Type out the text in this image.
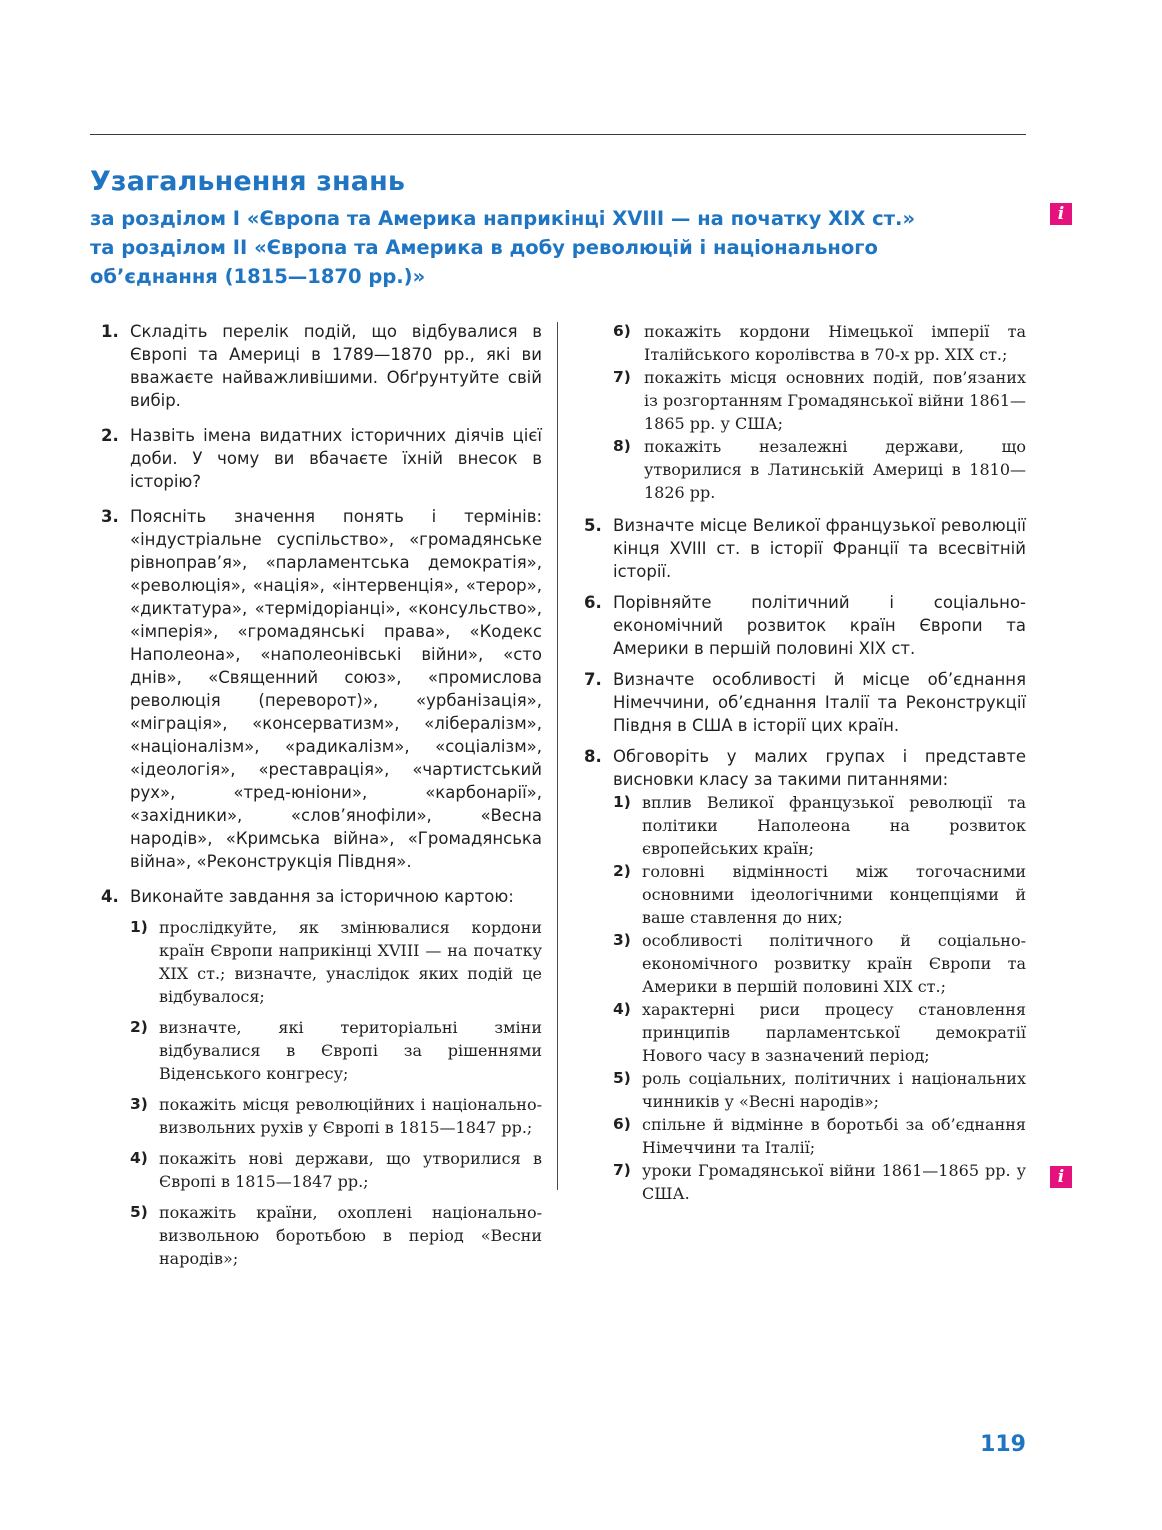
Узагальнення знань
за розділом I «Європа та Америка наприкінці XVIII — на початку XIX ст.»
та розділом II «Європа та Америка в добу революцій і національного
об’єднання (1815—1870 рр.)»
i
i
1. Складіть перелік подій, що відбувалися в Європі та Америці в 1789—1870 рр., які ви вважаєте найважливішими. Обґрунтуйте свій вибір.
2. Назвіть імена видатних історичних діячів цієї доби. У чому ви вбачаєте їхній внесок в історію?
3. Поясніть значення понять і термінів: «індустріальне суспільство», «громадянське рівноправ’я», «парламентська демократія», «революція», «нація», «інтервенція», «терор», «диктатура», «термідоріанці», «консульство», «імперія», «громадянські права», «Кодекс Наполеона», «наполеонівські війни», «сто днів», «Священний союз», «промислова революція (переворот)», «урбанізація», «міграція», «консерватизм», «лібералізм», «націоналізм», «радикалізм», «соціалізм», «ідеологія», «реставрація», «чартистський рух», «тред-юніони», «карбонарії», «західники», «слов’янофіли», «Весна народів», «Кримська війна», «Громадянська війна», «Реконструкція Півдня».
4. Виконайте завдання за історичною картою:
1) прослідкуйте, як змінювалися кордони країн Європи наприкінці XVIII — на початку XIX ст.; визначте, унаслідок яких подій це відбувалося;
2) визначте, які територіальні зміни відбувалися в Європі за рішеннями Віденського конгресу;
3) покажіть місця революційних і національно-визвольних рухів у Європі в 1815—1847 рр.;
4) покажіть нові держави, що утворилися в Європі в 1815—1847 рр.;
5) покажіть країни, охоплені національно-визвольною боротьбою в період «Весни народів»;
6) покажіть кордони Німецької імперії та Італійського королівства в 70-х рр. XIX ст.;
7) покажіть місця основних подій, пов’язаних із розгортанням Громадянської війни 1861—1865 рр. у США;
8) покажіть незалежні держави, що утворилися в Латинській Америці в 1810—1826 рр.
5. Визначте місце Великої французької революції кінця XVIII ст. в історії Франції та всесвітній історії.
6. Порівняйте політичний і соціально-економічний розвиток країн Європи та Америки в першій половині XIX ст.
7. Визначте особливості й місце об’єднання Німеччини, об’єднання Італії та Реконструкції Півдня в США в історії цих країн.
8. Обговоріть у малих групах і представте висновки класу за такими питаннями:
1) вплив Великої французької революції та політики Наполеона на розвиток європейських країн;
2) головні відмінності між тогочасними основними ідеологічними концепціями й ваше ставлення до них;
3) особливості політичного й соціально-економічного розвитку країн Європи та Америки в першій половині XIX ст.;
4) характерні риси процесу становлення принципів парламентської демократії Нового часу в зазначений період;
5) роль соціальних, політичних і національних чинників у «Весні народів»;
6) спільне й відмінне в боротьбі за об’єднання Німеччини та Італії;
7) уроки Громадянської війни 1861—1865 рр. у США.
119
